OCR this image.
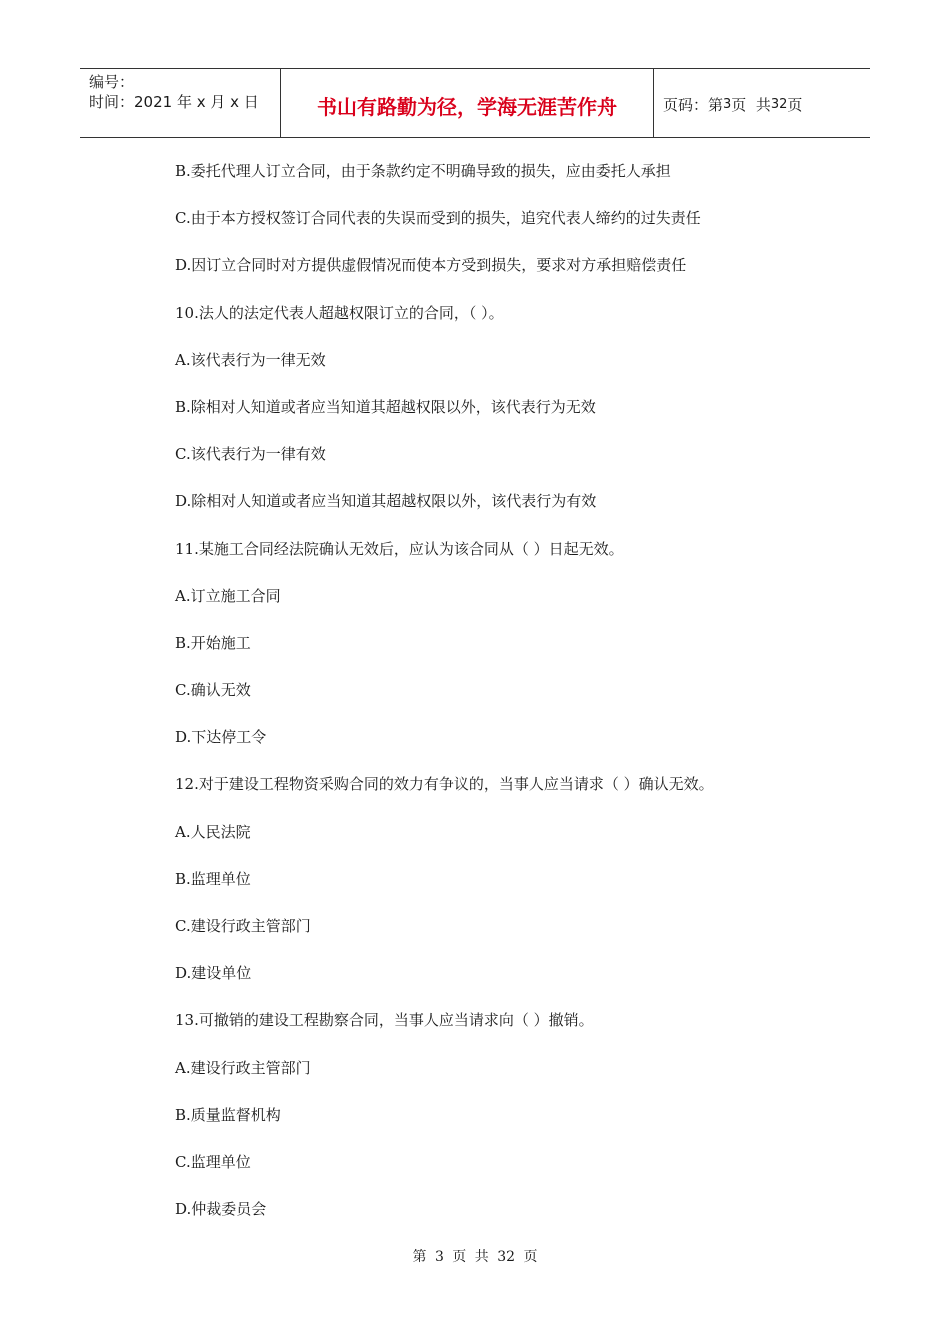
编号：
时间：2021 年 x 月 x 日	书山有路勤为径，学海无涯苦作舟	页码：第 3 页  共 32 页
B.委托代理人订立合同，由于条款约定不明确导致的损失，应由委托人承担
C.由于本方授权签订合同代表的失误而受到的损失，追究代表人缔约的过失责任
D.因订立合同时对方提供虚假情况而使本方受到损失，要求对方承担赔偿责任
10.法人的法定代表人超越权限订立的合同，（ ）。
A.该代表行为一律无效
B.除相对人知道或者应当知道其超越权限以外，该代表行为无效
C.该代表行为一律有效
D.除相对人知道或者应当知道其超越权限以外，该代表行为有效
11.某施工合同经法院确认无效后，应认为该合同从（ ）日起无效。
A.订立施工合同
B.开始施工
C.确认无效
D.下达停工令
12.对于建设工程物资采购合同的效力有争议的，当事人应当请求（ ）确认无效。
A.人民法院
B.监理单位
C.建设行政主管部门
D.建设单位
13.可撤销的建设工程勘察合同，当事人应当请求向（ ）撤销。
A.建设行政主管部门
B.质量监督机构
C.监理单位
D.仲裁委员会
第 3 页 共 32 页
